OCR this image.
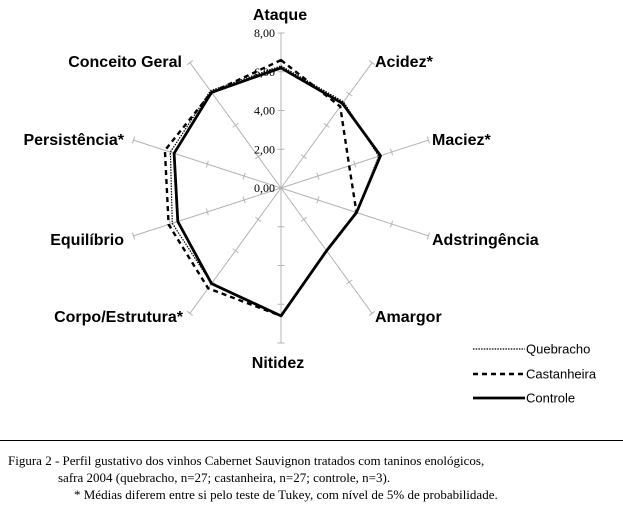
0,00
2,00
4,00
6,00
8,00
Ataque
Acidez*
Maciez*
Adstringência
Amargor
Nitidez
Corpo/Estrutura*
Equilíbrio
Persistência*
Conceito Geral
Quebracho
Castanheira
Controle
Figura 2 - Perfil gustativo dos vinhos Cabernet Sauvignon tratados com taninos enológicos,
safra 2004 (quebracho, n=27; castanheira, n=27; controle, n=3).
* Médias diferem entre si pelo teste de Tukey, com nível de 5% de probabilidade.
